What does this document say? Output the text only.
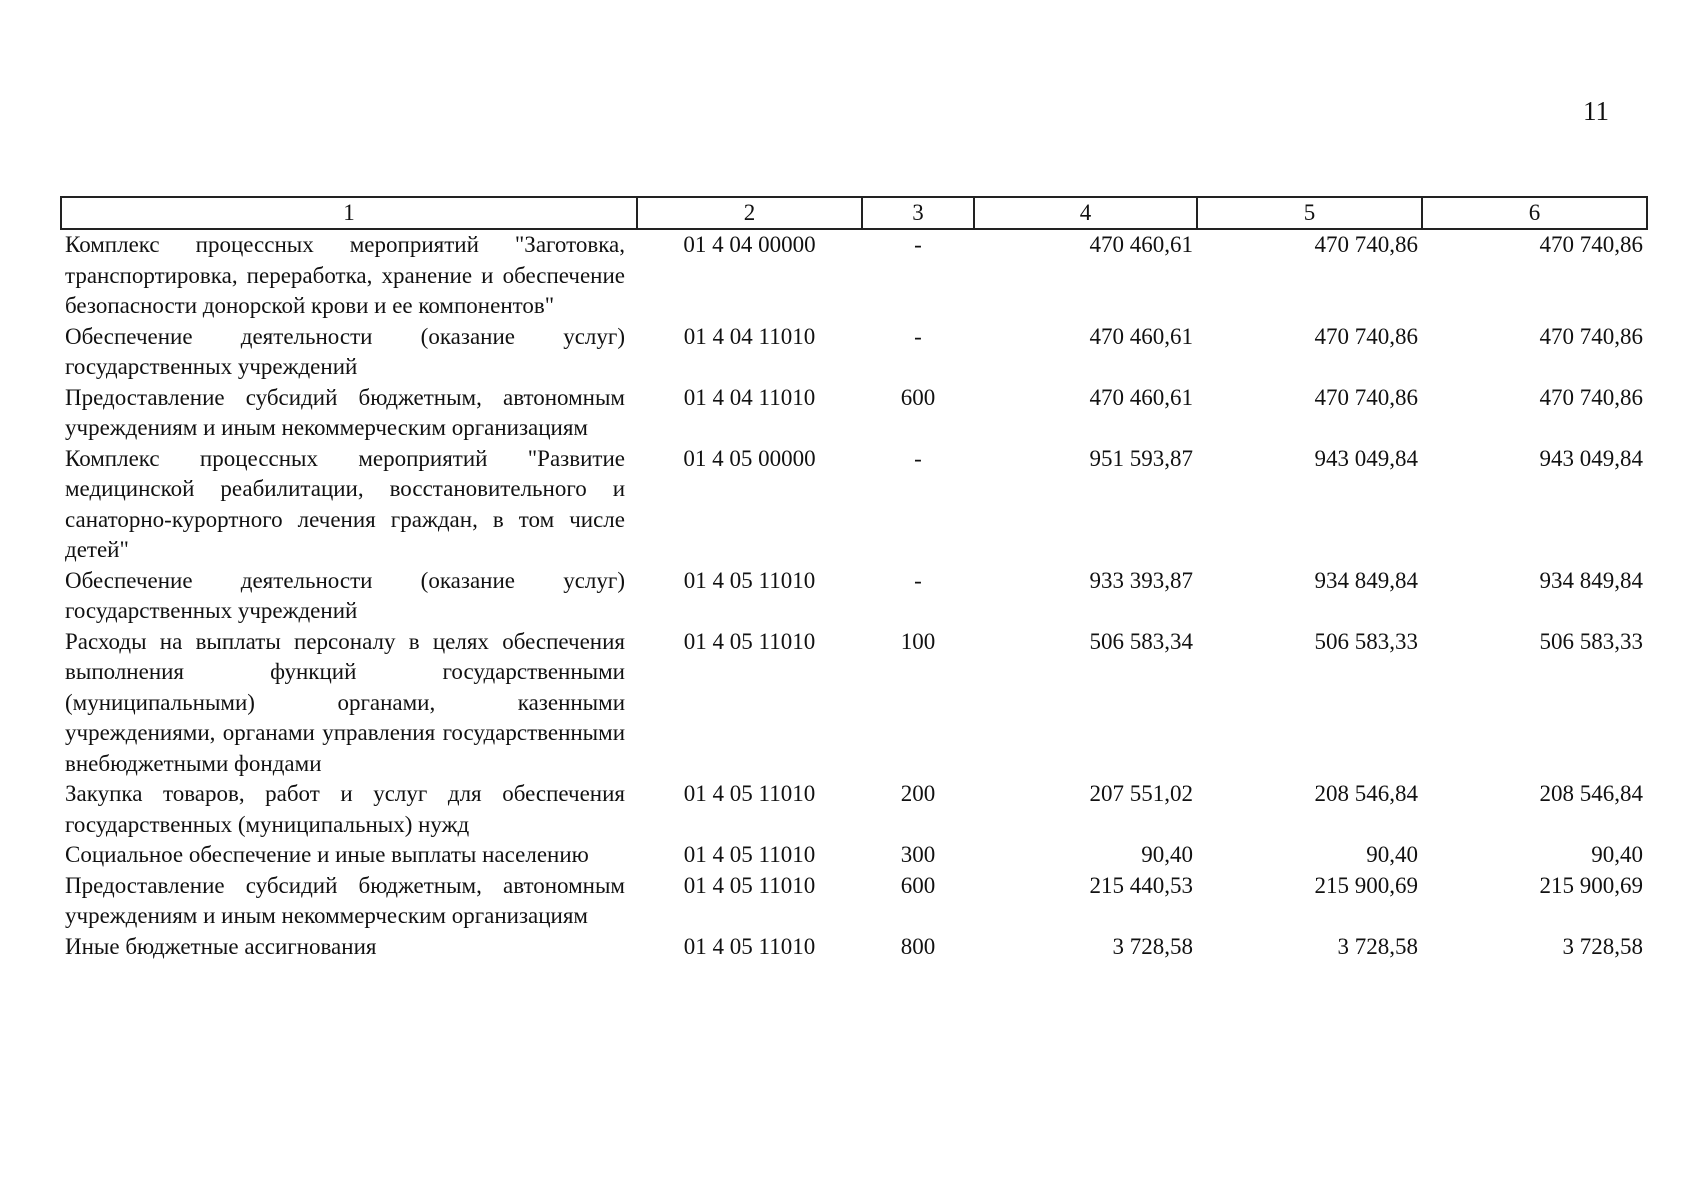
11
1	2	3	4	5	6
Комплекс процессных мероприятий "Заготовка, транспортировка, переработка, хранение и обеспечение безопасности донорской крови и ее компонентов"	01 4 04 00000	-	470 460,61	470 740,86	470 740,86
Обеспечение деятельности (оказание услуг) государственных учреждений	01 4 04 11010	-	470 460,61	470 740,86	470 740,86
Предоставление субсидий бюджетным, автономным учреждениям и иным некоммерческим организациям	01 4 04 11010	600	470 460,61	470 740,86	470 740,86
Комплекс процессных мероприятий "Развитие медицинской реабилитации, восстановительного и санаторно-курортного лечения граждан, в том числе детей"	01 4 05 00000	-	951 593,87	943 049,84	943 049,84
Обеспечение деятельности (оказание услуг) государственных учреждений	01 4 05 11010	-	933 393,87	934 849,84	934 849,84
Расходы на выплаты персоналу в целях обеспечения выполнения функций государственными (муниципальными) органами, казенными учреждениями, органами управления государственными внебюджетными фондами	01 4 05 11010	100	506 583,34	506 583,33	506 583,33
Закупка товаров, работ и услуг для обеспечения государственных (муниципальных) нужд	01 4 05 11010	200	207 551,02	208 546,84	208 546,84
Социальное обеспечение и иные выплаты населению	01 4 05 11010	300	90,40	90,40	90,40
Предоставление субсидий бюджетным, автономным учреждениям и иным некоммерческим организациям	01 4 05 11010	600	215 440,53	215 900,69	215 900,69
Иные бюджетные ассигнования	01 4 05 11010	800	3 728,58	3 728,58	3 728,58
